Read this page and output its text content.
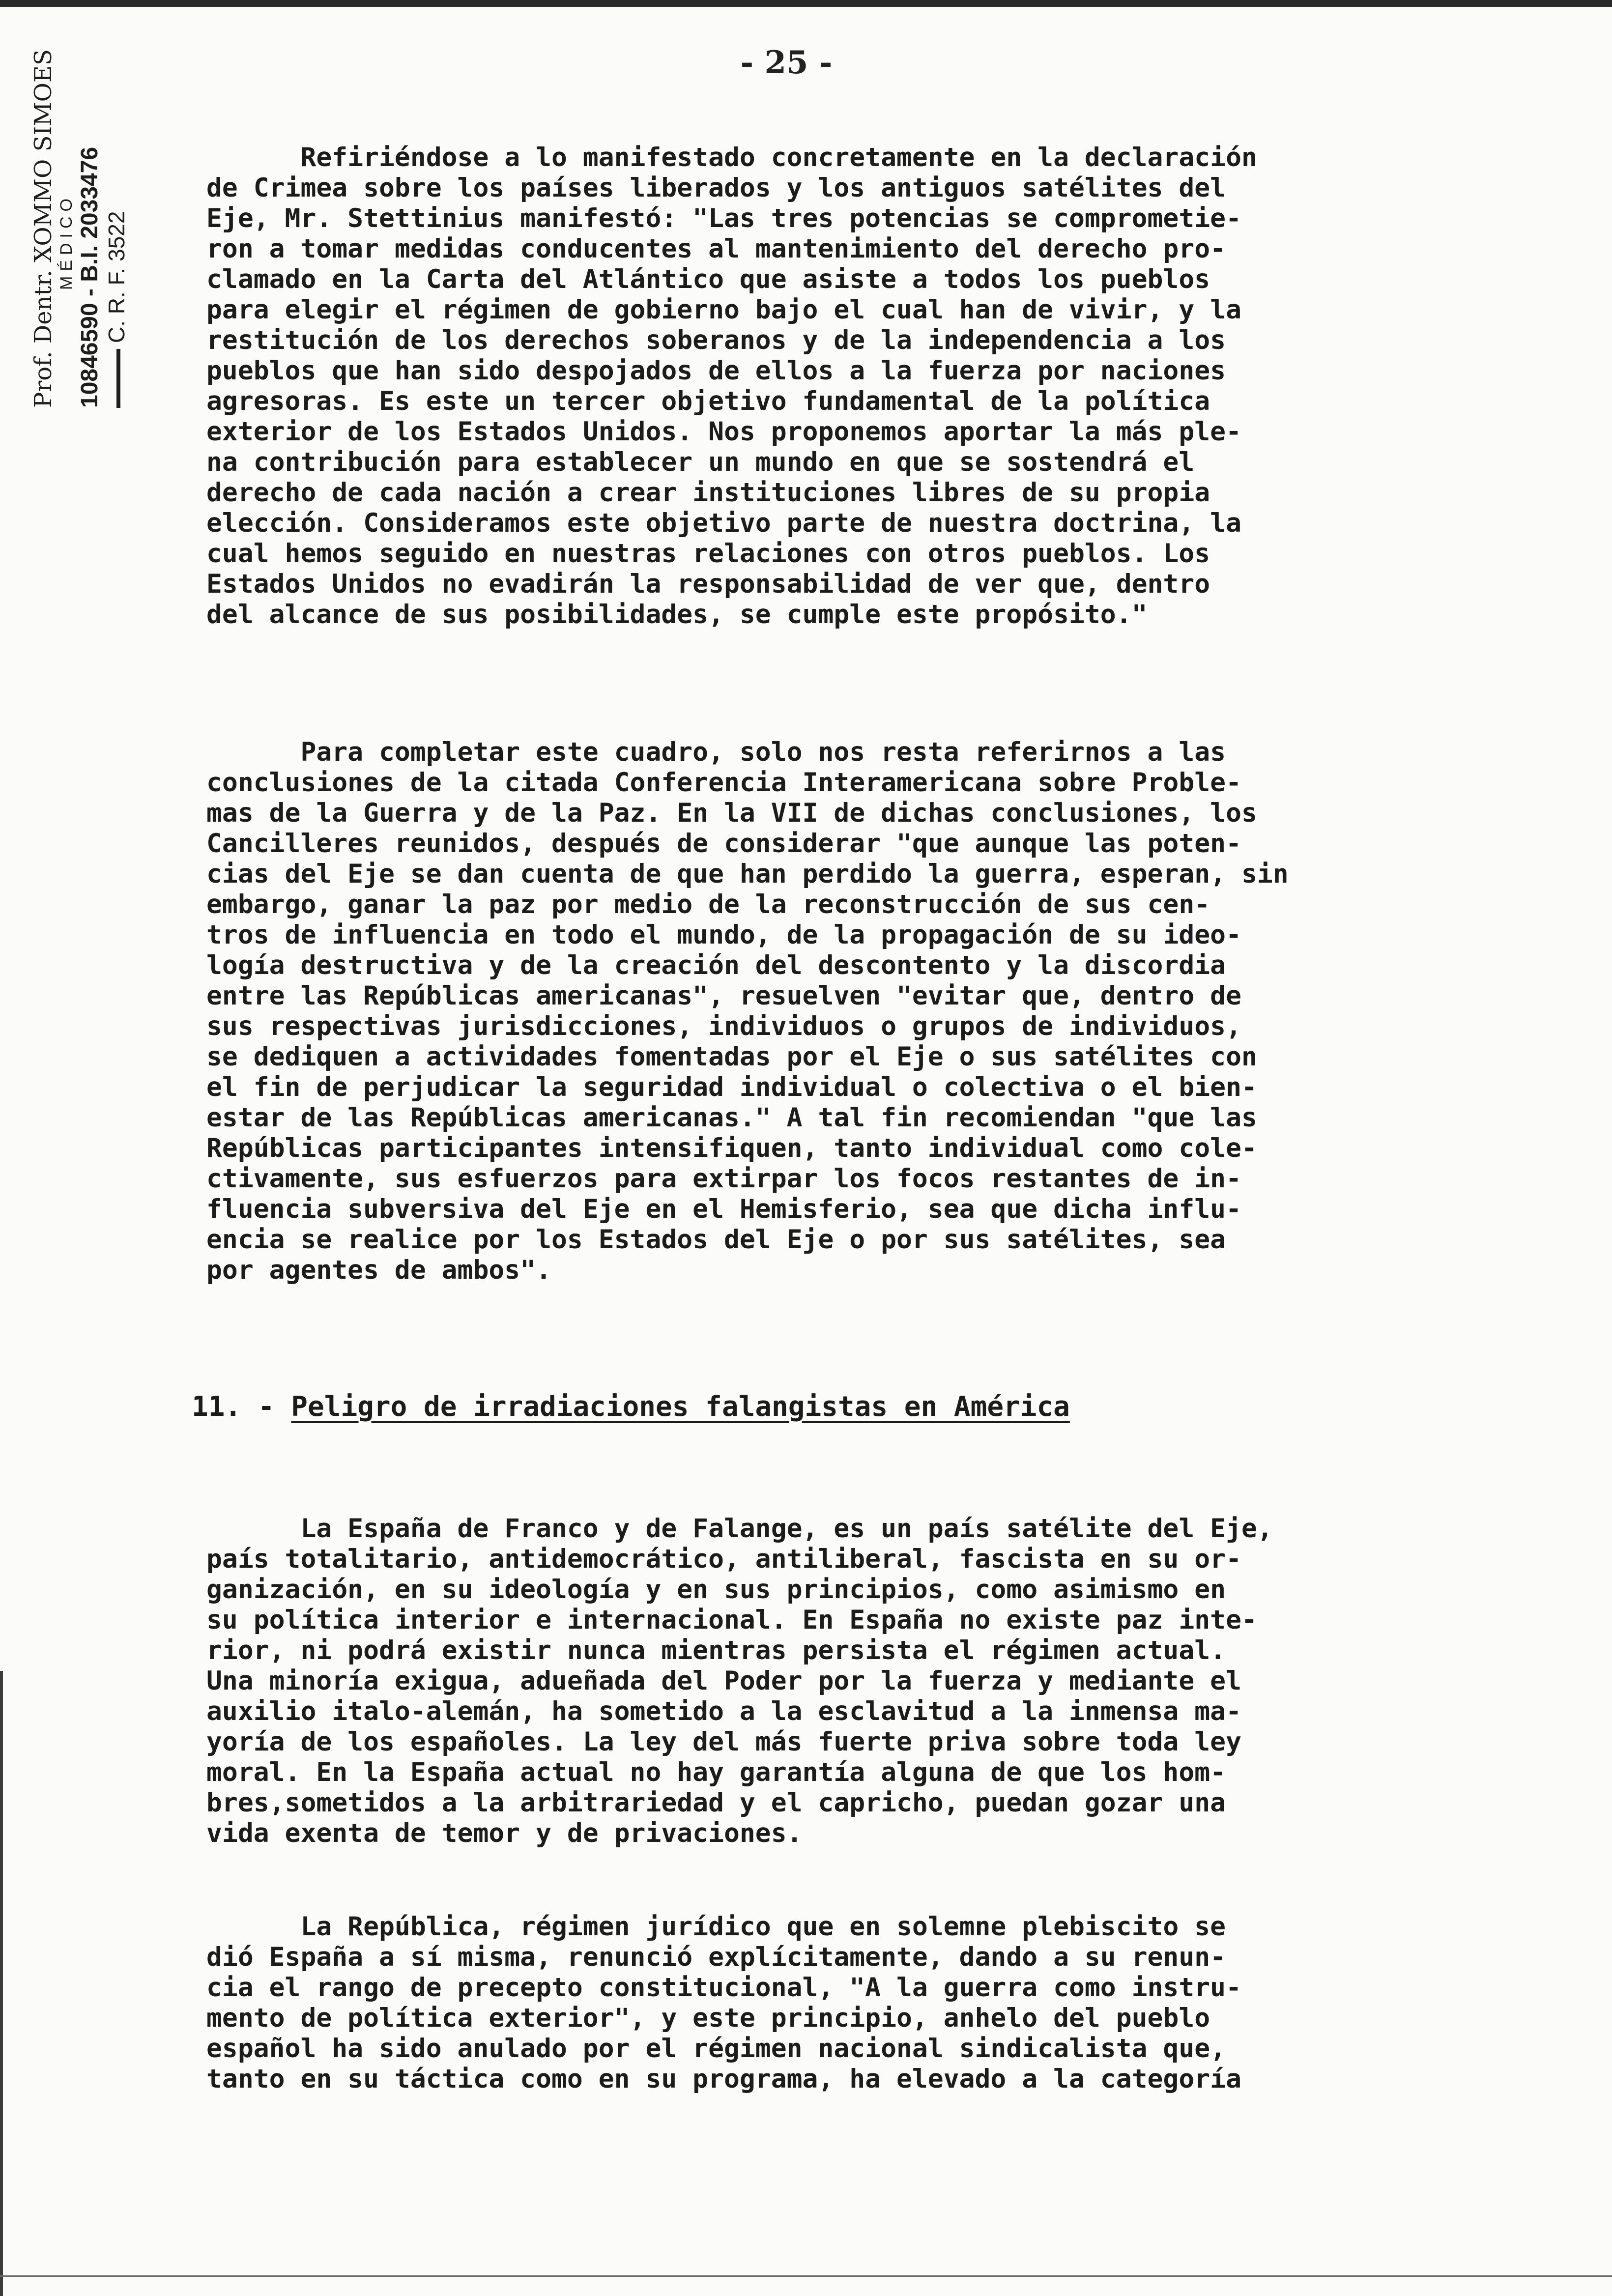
- 25 -
Prof. Dentr. XOMMO SIMOES MÉDICO 10846590 - B.I. 2033476 C. R. F. 3522
Refiriéndose a lo manifestado concretamente en la declaración
de Crimea sobre los países liberados y los antiguos satélites del
Eje, Mr. Stettinius manifestó: "Las tres potencias se comprometie-
ron a tomar medidas conducentes al mantenimiento del derecho pro-
clamado en la Carta del Atlántico que asiste a todos los pueblos
para elegir el régimen de gobierno bajo el cual han de vivir, y la
restitución de los derechos soberanos y de la independencia a los
pueblos que han sido despojados de ellos a la fuerza por naciones
agresoras. Es este un tercer objetivo fundamental de la política
exterior de los Estados Unidos. Nos proponemos aportar la más ple-
na contribución para establecer un mundo en que se sostendrá el
derecho de cada nación a crear instituciones libres de su propia
elección. Consideramos este objetivo parte de nuestra doctrina, la
cual hemos seguido en nuestras relaciones con otros pueblos. Los
Estados Unidos no evadirán la responsabilidad de ver que, dentro
del alcance de sus posibilidades, se cumple este propósito."
Para completar este cuadro, solo nos resta referirnos a las
conclusiones de la citada Conferencia Interamericana sobre Proble-
mas de la Guerra y de la Paz. En la VII de dichas conclusiones, los
Cancilleres reunidos, después de considerar "que aunque las poten-
cias del Eje se dan cuenta de que han perdido la guerra, esperan, sin
embargo, ganar la paz por medio de la reconstrucción de sus cen-
tros de influencia en todo el mundo, de la propagación de su ideo-
logía destructiva y de la creación del descontento y la discordia
entre las Repúblicas americanas", resuelven "evitar que, dentro de
sus respectivas jurisdicciones, individuos o grupos de individuos,
se dediquen a actividades fomentadas por el Eje o sus satélites con
el fin de perjudicar la seguridad individual o colectiva o el bien-
estar de las Repúblicas americanas." A tal fin recomiendan "que las
Repúblicas participantes intensifiquen, tanto individual como cole-
ctivamente, sus esfuerzos para extirpar los focos restantes de in-
fluencia subversiva del Eje en el Hemisferio, sea que dicha influ-
encia se realice por los Estados del Eje o por sus satélites, sea
por agentes de ambos".
11. - Peligro de irradiaciones falangistas en América
La España de Franco y de Falange, es un país satélite del Eje,
país totalitario, antidemocrático, antiliberal, fascista en su or-
ganización, en su ideología y en sus principios, como asimismo en
su política interior e internacional. En España no existe paz inte-
rior, ni podrá existir nunca mientras persista el régimen actual.
Una minoría exigua, adueñada del Poder por la fuerza y mediante el
auxilio italo-alemán, ha sometido a la esclavitud a la inmensa ma-
yoría de los españoles. La ley del más fuerte priva sobre toda ley
moral. En la España actual no hay garantía alguna de que los hom-
bres,sometidos a la arbitrariedad y el capricho, puedan gozar una
vida exenta de temor y de privaciones.
La República, régimen jurídico que en solemne plebiscito se
dió España a sí misma, renunció explícitamente, dando a su renun-
cia el rango de precepto constitucional, "A la guerra como instru-
mento de política exterior", y este principio, anhelo del pueblo
español ha sido anulado por el régimen nacional sindicalista que,
tanto en su táctica como en su programa, ha elevado a la categoría
